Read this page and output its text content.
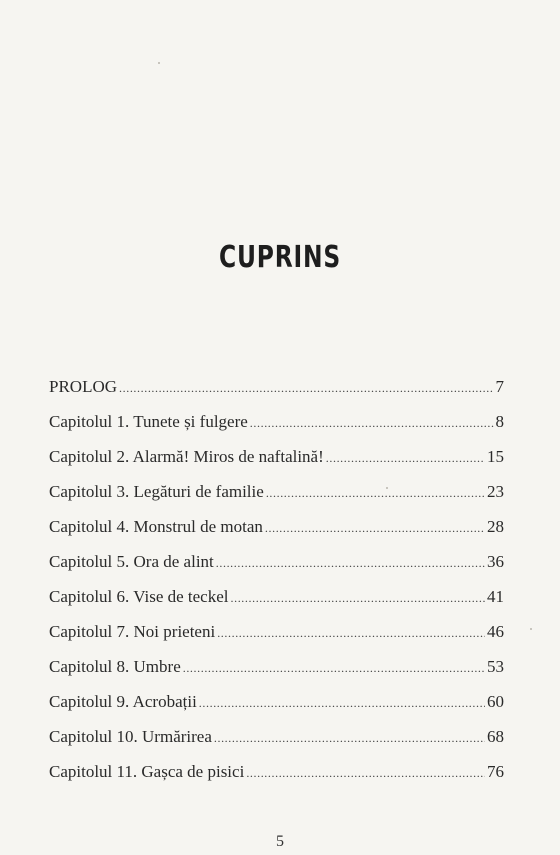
CUPRINS
PROLOG .....	7
Capitolul 1. Tunete și fulgere .....	8
Capitolul 2. Alarmă! Miros de naftalină! .....	15
Capitolul 3. Legături de familie .....	23
Capitolul 4. Monstrul de motan .....	28
Capitolul 5. Ora de alint .....	36
Capitolul 6. Vise de teckel .....	41
Capitolul 7. Noi prieteni .....	46
Capitolul 8. Umbre .....	53
Capitolul 9. Acrobații .....	60
Capitolul 10. Urmărirea .....	68
Capitolul 11. Gașca de pisici .....	76
5
